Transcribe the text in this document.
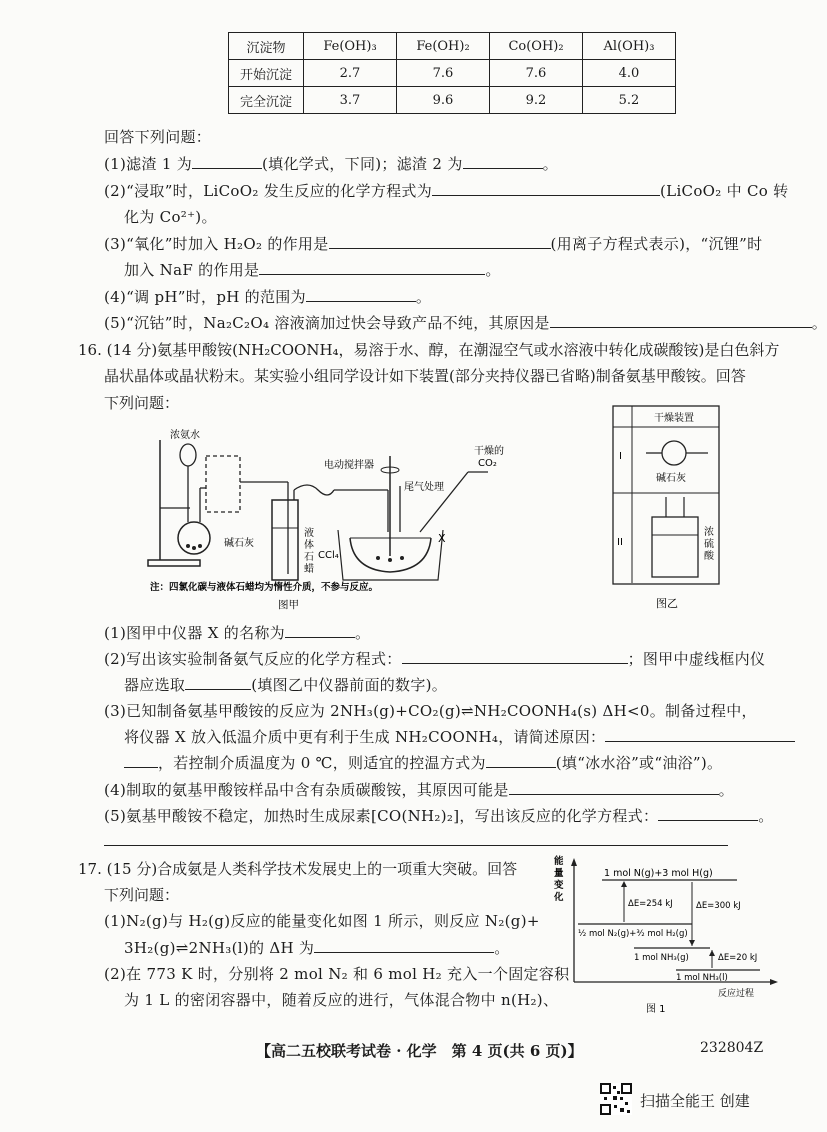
沉淀物	Fe(OH)₃	Fe(OH)₂	Co(OH)₂	Al(OH)₃
开始沉淀	2.7	7.6	7.6	4.0
完全沉淀	3.7	9.6	9.2	5.2
回答下列问题：
(1)滤渣 1 为	(填化学式，下同)；滤渣 2 为	。
(2)“浸取”时，LiCoO₂ 发生反应的化学方程式为	(LiCoO₂ 中 Co 转
化为 Co²⁺)。
(3)“氧化”时加入 H₂O₂ 的作用是	(用离子方程式表示)，“沉锂”时
加入 NaF 的作用是	。
(4)“调 pH”时，pH 的范围为	。
(5)“沉钴”时，Na₂C₂O₄ 溶液滴加过快会导致产品不纯，其原因是	。
16. (14 分)氨基甲酸铵(NH₂COONH₄，易溶于水、醇，在潮湿空气或水溶液中转化成碳酸铵)是白色斜方
晶状晶体或晶状粉末。某实验小组同学设计如下装置(部分夹持仪器已省略)制备氨基甲酸铵。回答
下列问题：
浓氨水
碱石灰
液
体
石
蜡
电动搅拌器
尾气处理
干燥的
CO₂
CCl₄
X
注：四氯化碳与液体石蜡均为惰性介质，不参与反应。
图甲
干燥装置
I
II
碱石灰
浓
硫
酸
图乙
(1)图甲中仪器 X 的名称为	。
(2)写出该实验制备氨气反应的化学方程式：	；图甲中虚线框内仪
器应选取	(填图乙中仪器前面的数字)。
(3)已知制备氨基甲酸铵的反应为 2NH₃(g)+CO₂(g)⇌NH₂COONH₄(s) ΔH<0。制备过程中，
将仪器 X 放入低温介质中更有利于生成 NH₂COONH₄，请简述原因：
，若控制介质温度为 0 ℃，则适宜的控温方式为	(填“冰水浴”或“油浴”)。
(4)制取的氨基甲酸铵样品中含有杂质碳酸铵，其原因可能是	。
(5)氨基甲酸铵不稳定，加热时生成尿素[CO(NH₂)₂]，写出该反应的化学方程式：	。
17. (15 分)合成氨是人类科学技术发展史上的一项重大突破。回答
下列问题：
(1)N₂(g)与 H₂(g)反应的能量变化如图 1 所示，则反应 N₂(g)+
3H₂(g)⇌2NH₃(l)的 ΔH 为	。
(2)在 773 K 时，分别将 2 mol N₂ 和 6 mol H₂ 充入一个固定容积
为 1 L 的密闭容器中，随着反应的进行，气体混合物中 n(H₂)、
能
量
变
化
1 mol N(g)+3 mol H(g)
ΔE=254 kJ	ΔE=300 kJ
½ mol N₂(g)+³⁄₂ mol H₂(g)
1 mol NH₃(g)	ΔE=20 kJ
1 mol NH₃(l)
反应过程
图 1
【高二五校联考试卷 · 化学　第 4 页(共 6 页)】	232804Z
扫描全能王 创建
